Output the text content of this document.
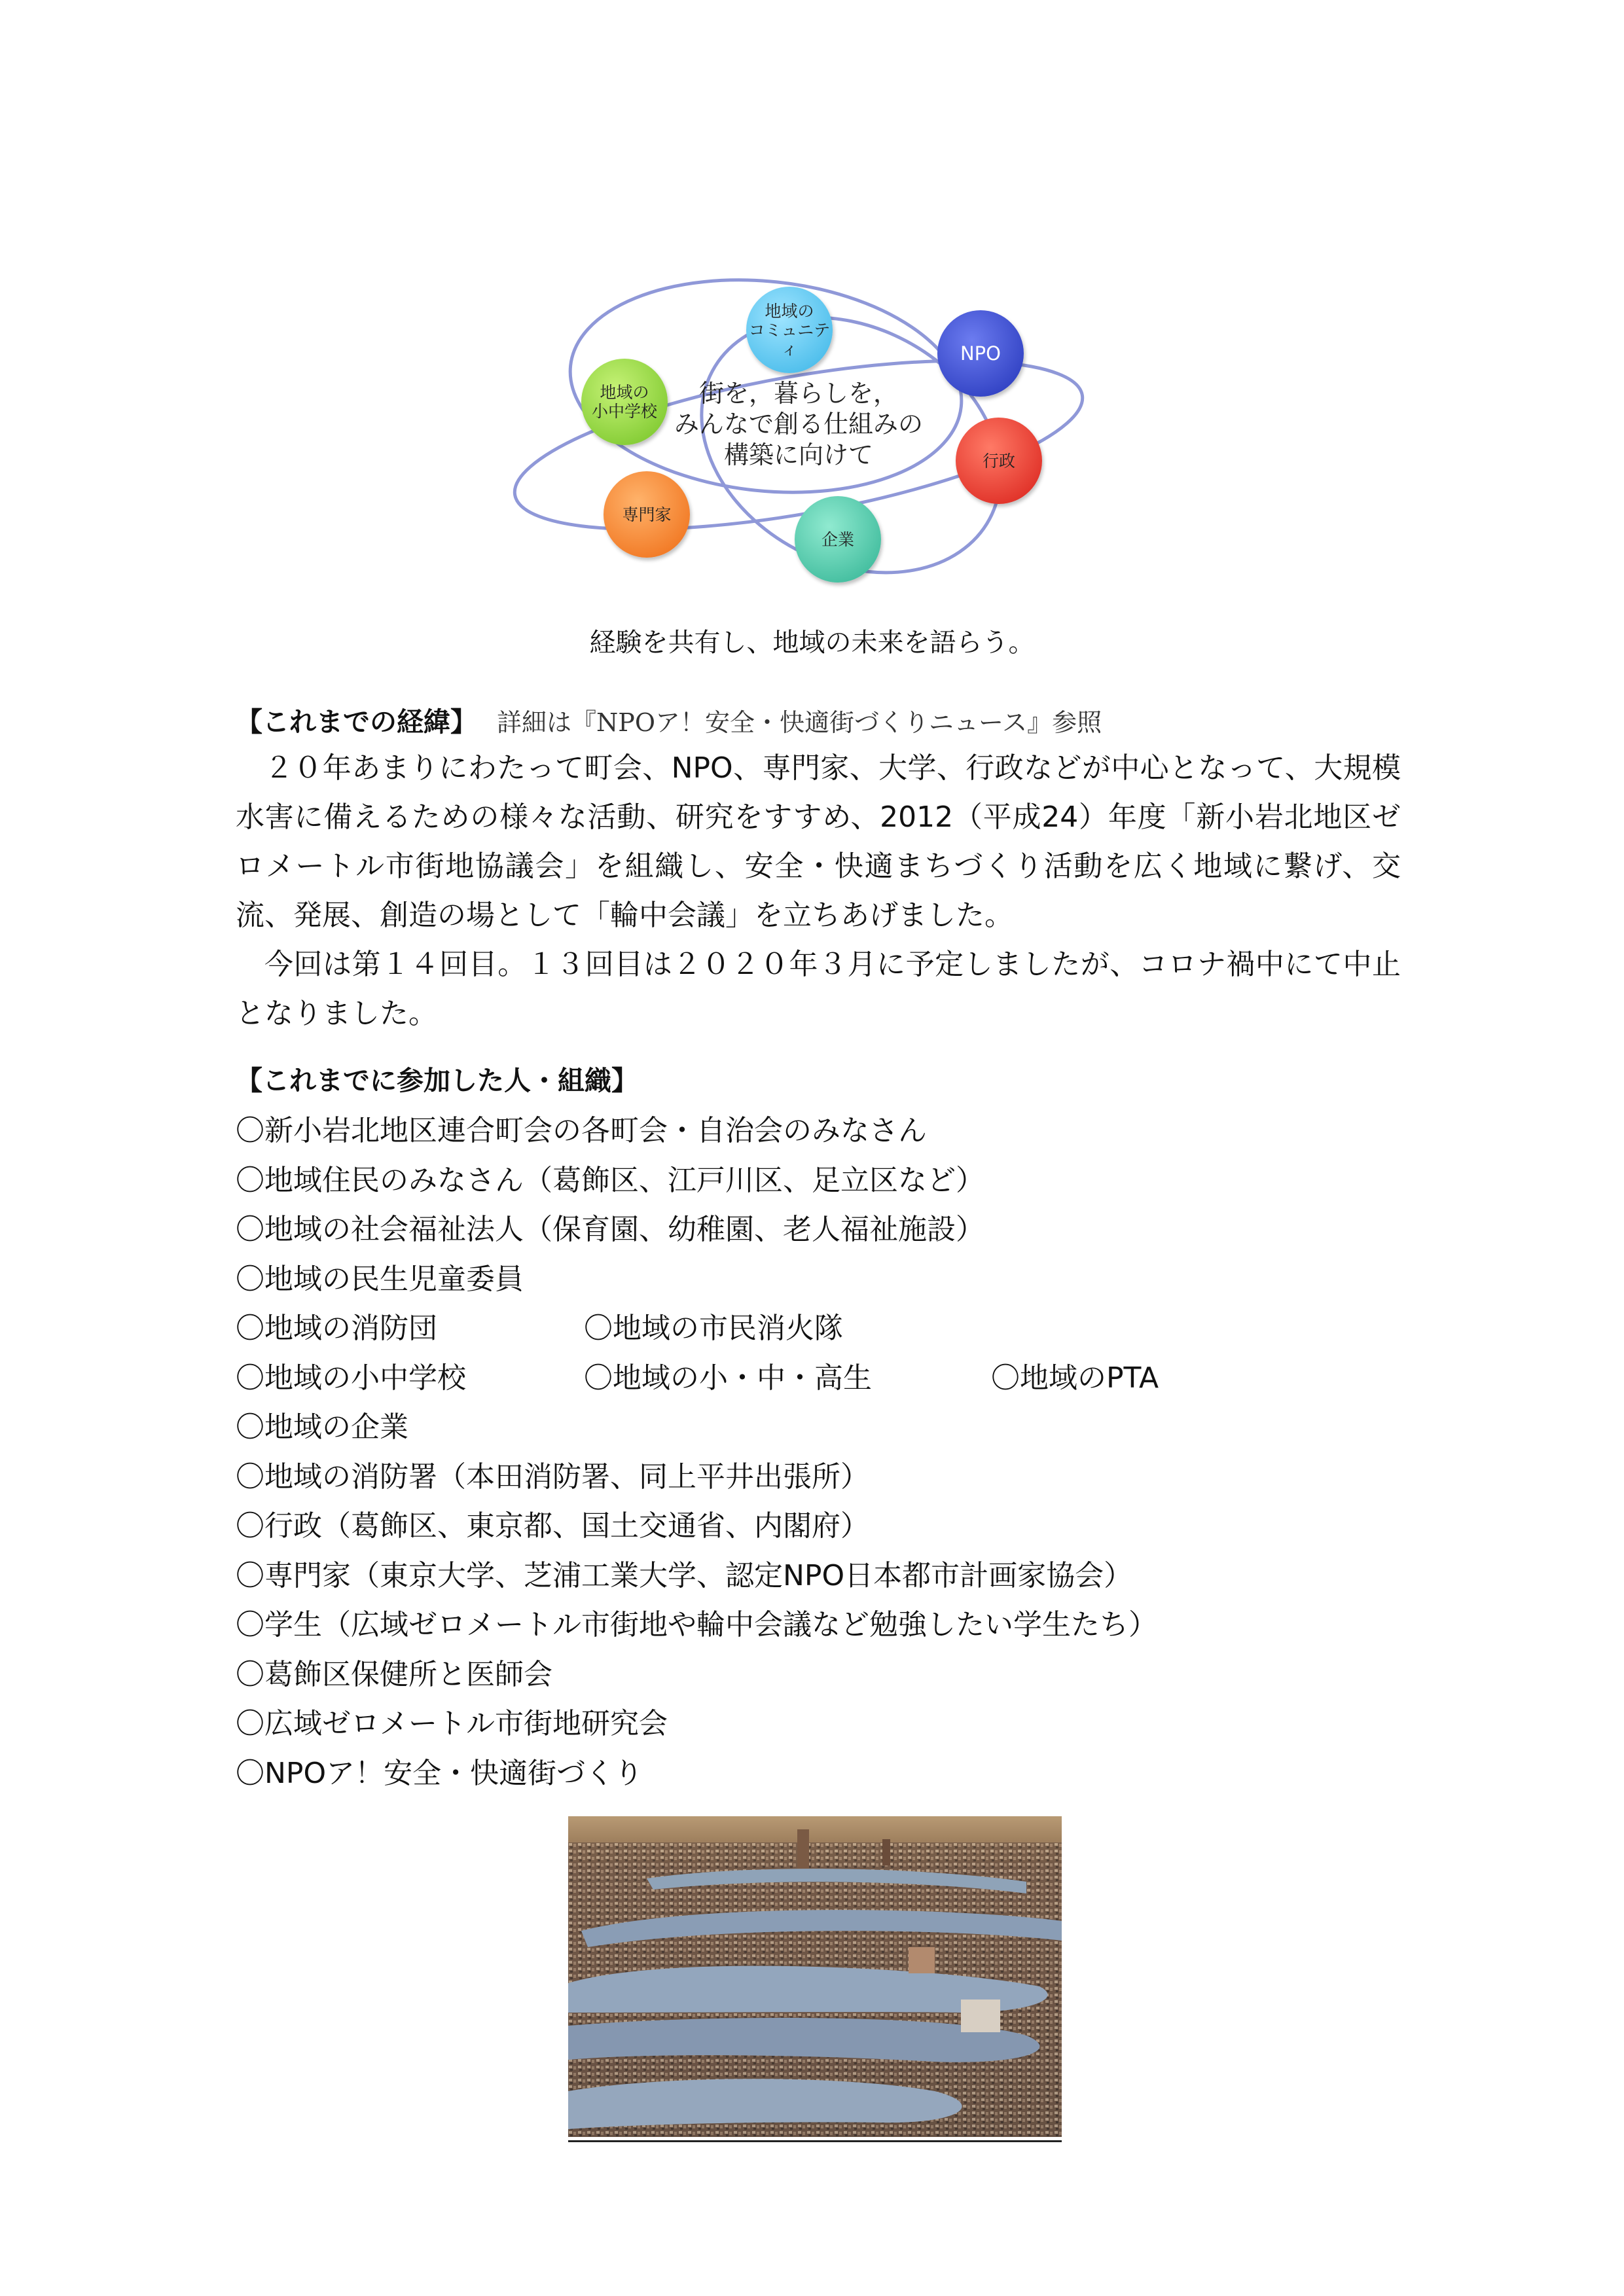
地域の
コミュニティ	NPO
地域の
小中学校
行政
専門家
企業
街を，暮らしを，
みんなで創る仕組みの
構築に向けて
経験を共有し、地域の未来を語らう。
【これまでの経緯】 詳細は『NPOア！安全・快適街づくりニュース』参照

２０年あまりにわたって町会、NPO、専門家、大学、行政などが中心となって、大規模水害に備えるための様々な活動、研究をすすめ、2012（平成24）年度「新小岩北地区ゼロメートル市街地協議会」を組織し、安全・快適まちづくり活動を広く地域に繋げ、交流、発展、創造の場として「輪中会議」を立ちあげました。

今回は第１４回目。１３回目は２０２０年３月に予定しましたが、コロナ禍中にて中止となりました。

【これまでに参加した人・組織】
〇新小岩北地区連合町会の各町会・自治会のみなさん
〇地域住民のみなさん（葛飾区、江戸川区、足立区など）
〇地域の社会福祉法人（保育園、幼稚園、老人福祉施設）
〇地域の民生児童委員
〇地域の消防団	〇地域の市民消火隊
〇地域の小中学校	〇地域の小・中・高生	〇地域のPTA
〇地域の企業
〇地域の消防署（本田消防署、同上平井出張所）
〇行政（葛飾区、東京都、国土交通省、内閣府）
〇専門家（東京大学、芝浦工業大学、認定NPO日本都市計画家協会）
〇学生（広域ゼロメートル市街地や輪中会議など勉強したい学生たち）
〇葛飾区保健所と医師会
〇広域ゼロメートル市街地研究会
〇NPOア！安全・快適街づくり
